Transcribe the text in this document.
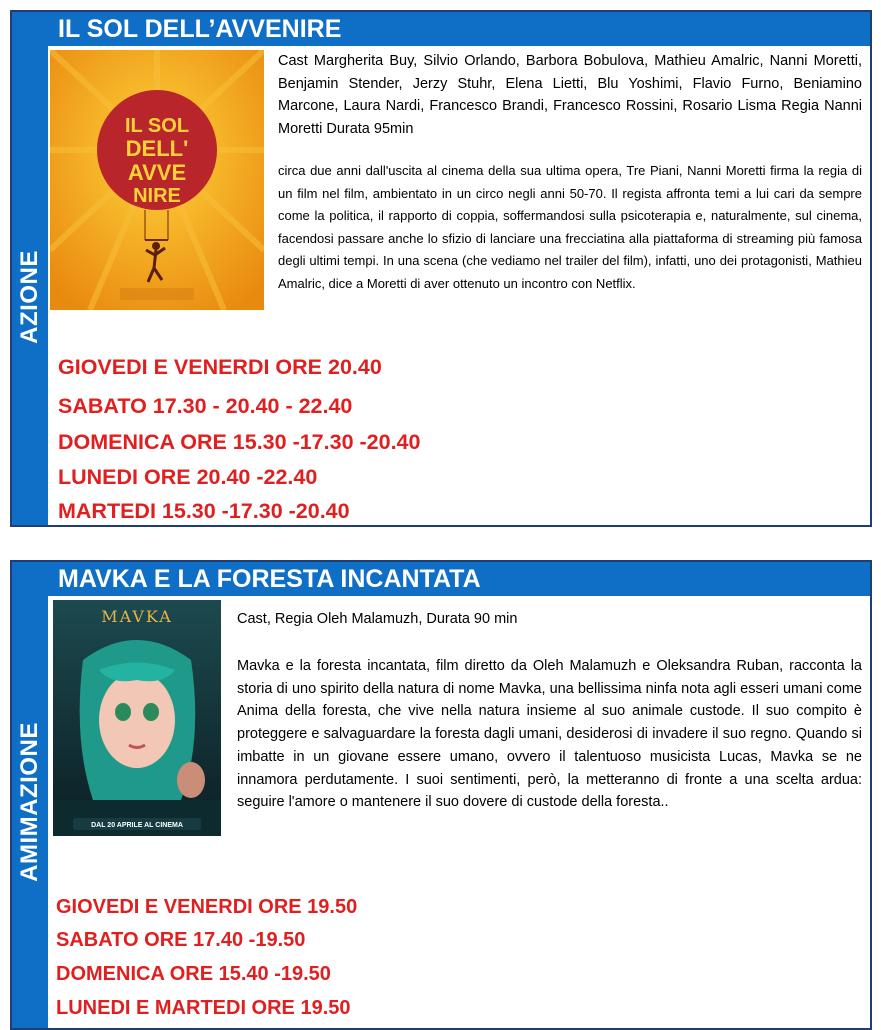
AZIONE
IL SOL DELL’AVVENIRE
IL SOL
DELL'
AVVE
NIRE
Cast Margherita Buy, Silvio Orlando, Barbora Bobulova, Mathieu Amalric, Nanni Moretti, Benjamin Stender, Jerzy Stuhr, Elena Lietti, Blu Yoshimi, Flavio Furno, Beniamino Marcone, Laura Nardi, Francesco Brandi, Francesco Rossini, Rosario Lisma Regia Nanni Moretti Durata 95min
circa due anni dall'uscita al cinema della sua ultima opera, Tre Piani, Nanni Moretti firma la regia di un film nel film, ambientato in un circo negli anni 50-70. Il regista affronta temi a lui cari da sempre come la politica, il rapporto di coppia, soffermandosi sulla psicoterapia e, naturalmente, sul cinema, facendosi passare anche lo sfizio di lanciare una frecciatina alla piattaforma di streaming più famosa degli ultimi tempi. In una scena (che vediamo nel trailer del film), infatti, uno dei protagonisti, Mathieu Amalric, dice a Moretti di aver ottenuto un incontro con Netflix.
GIOVEDI E VENERDI ORE 20.40
SABATO 17.30 - 20.40 - 22.40
DOMENICA ORE 15.30 -17.30 -20.40
LUNEDI ORE 20.40 -22.40
MARTEDI 15.30 -17.30 -20.40
AMIMAZIONE
MAVKA E LA FORESTA INCANTATA
MAVKA
DAL 20 APRILE AL CINEMA
Cast, Regia Oleh Malamuzh, Durata 90 min
Mavka e la foresta incantata, film diretto da Oleh Malamuzh e Oleksandra Ruban, racconta la storia di uno spirito della natura di nome Mavka, una bellissima ninfa nota agli esseri umani come Anima della foresta, che vive nella natura insieme al suo animale custode. Il suo compito è proteggere e salvaguardare la foresta dagli umani, desiderosi di invadere il suo regno. Quando si imbatte in un giovane essere umano, ovvero il talentuoso musicista Lucas, Mavka se ne innamora perdutamente. I suoi sentimenti, però, la metteranno di fronte a una scelta ardua: seguire l'amore o mantenere il suo dovere di custode della foresta..
GIOVEDI E VENERDI ORE 19.50
SABATO ORE 17.40 -19.50
DOMENICA ORE 15.40 -19.50
LUNEDI E MARTEDI ORE 19.50
